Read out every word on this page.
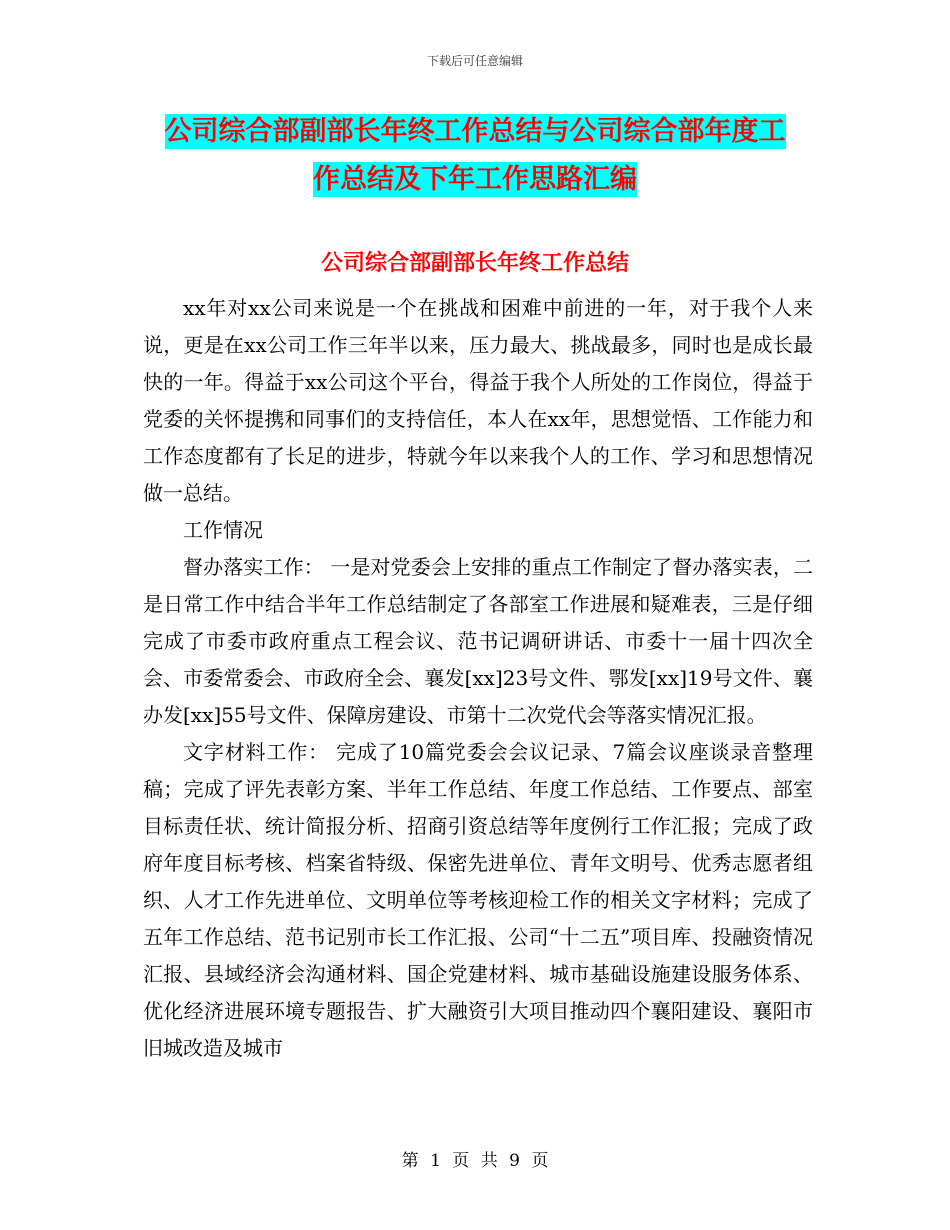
下载后可任意编辑
公司综合部副部长年终工作总结与公司综合部年度工
作总结及下年工作思路汇编
公司综合部副部长年终工作总结

xx年对xx公司来说是一个在挑战和困难中前进的一年，对于我个人来说，更是在xx公司工作三年半以来，压力最大、挑战最多，同时也是成长最快的一年。得益于xx公司这个平台，得益于我个人所处的工作岗位，得益于党委的关怀提携和同事们的支持信任，本人在xx年，思想觉悟、工作能力和工作态度都有了长足的进步，特就今年以来我个人的工作、学习和思想情况做一总结。

工作情况

督办落实工作： 一是对党委会上安排的重点工作制定了督办落实表，二是日常工作中结合半年工作总结制定了各部室工作进展和疑难表，三是仔细完成了市委市政府重点工程会议、范书记调研讲话、市委十一届十四次全会、市委常委会、市政府全会、襄发[xx]23号文件、鄂发[xx]19号文件、襄办发[xx]55号文件、保障房建设、市第十二次党代会等落实情况汇报。

文字材料工作： 完成了10篇党委会会议记录、7篇会议座谈录音整理稿；完成了评先表彰方案、半年工作总结、年度工作总结、工作要点、部室目标责任状、统计简报分析、招商引资总结等年度例行工作汇报；完成了政府年度目标考核、档案省特级、保密先进单位、青年文明号、优秀志愿者组织、人才工作先进单位、文明单位等考核迎检工作的相关文字材料；完成了五年工作总结、范书记别市长工作汇报、公司“十二五”项目库、投融资情况汇报、县域经济会沟通材料、国企党建材料、城市基础设施建设服务体系、优化经济进展环境专题报告、扩大融资引大项目推动四个襄阳建设、襄阳市旧城改造及城市

第 1 页 共 9 页
